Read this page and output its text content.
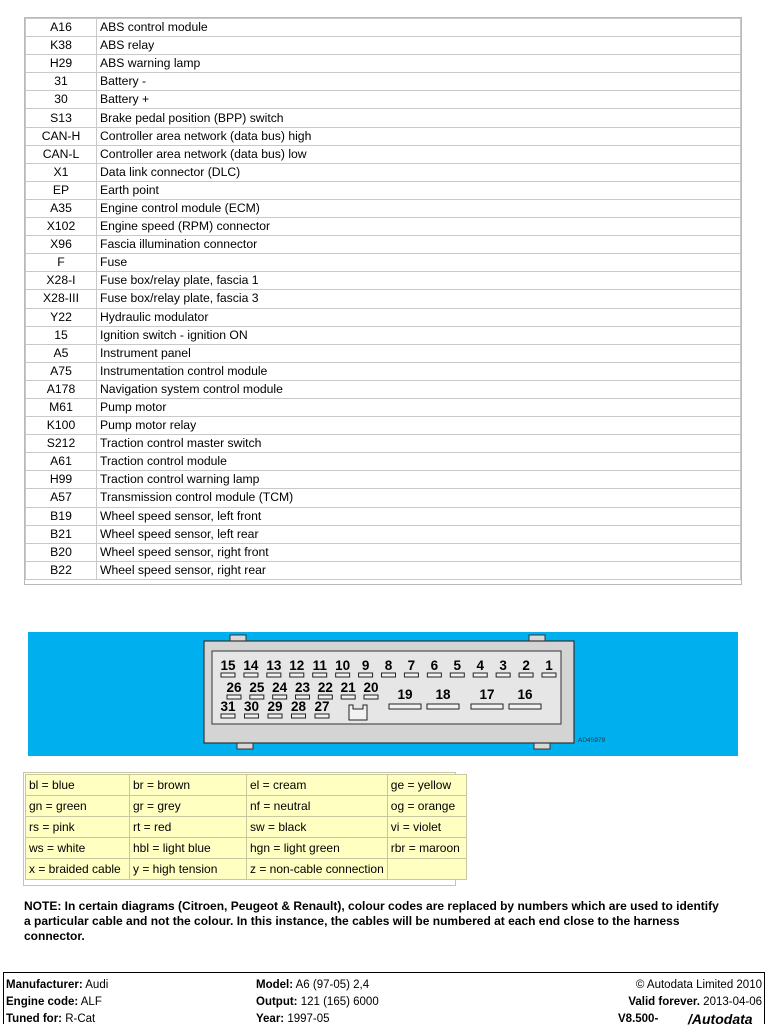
A16	ABS control module
K38	ABS relay
H29	ABS warning lamp
31	Battery -
30	Battery +
S13	Brake pedal position (BPP) switch
CAN-H	Controller area network (data bus) high
CAN-L	Controller area network (data bus) low
X1	Data link connector (DLC)
EP	Earth point
A35	Engine control module (ECM)
X102	Engine speed (RPM) connector
X96	Fascia illumination connector
F	Fuse
X28-I	Fuse box/relay plate, fascia 1
X28-III	Fuse box/relay plate, fascia 3
Y22	Hydraulic modulator
15	Ignition switch - ignition ON
A5	Instrument panel
A75	Instrumentation control module
A178	Navigation system control module
M61	Pump motor
K100	Pump motor relay
S212	Traction control master switch
A61	Traction control module
H99	Traction control warning lamp
A57	Transmission control module (TCM)
B19	Wheel speed sensor, left front
B21	Wheel speed sensor, left rear
B20	Wheel speed sensor, right front
B22	Wheel speed sensor, right rear
15 14 13 12 11 10 9 8 7 6 5 4 3 2 1
26 25 24 23 22 21 20 19 18 17 16
31 30 29 28 27
AD45979
bl = blue	br = brown	el = cream	ge = yellow
gn = green	gr = grey	nf = neutral	og = orange
rs = pink	rt = red	sw = black	vi = violet
ws = white	hbl = light blue	hgn = light green	rbr = maroon
x = braided cable	y = high tension	z = non-cable connection	
NOTE: In certain diagrams (Citroen, Peugeot & Renault), colour codes are replaced by numbers which are used to identify a particular cable and not the colour. In this instance, the cables will be numbered at each end close to the harness connector.
Manufacturer: Audi
Engine code: ALF
Tuned for: R-Cat
Model: A6 (97-05) 2,4
Output: 121 (165) 6000
Year: 1997-05
© Autodata Limited 2010
Valid forever. 2013-04-06
V8.500- /Autodata
